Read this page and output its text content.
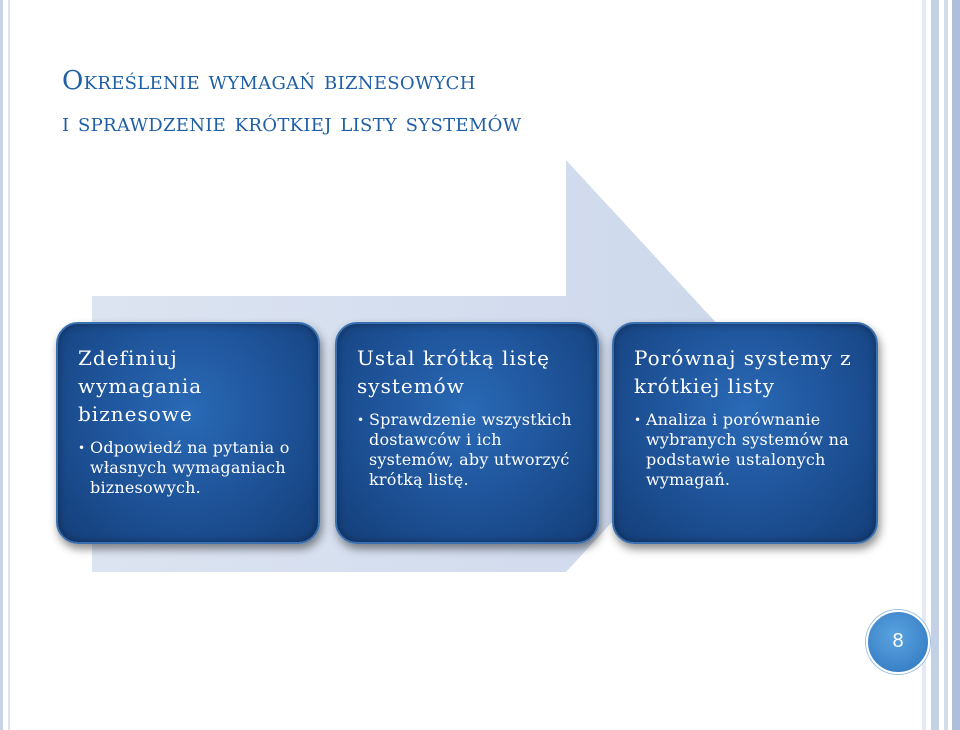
Określenie wymagań biznesowych
i sprawdzenie krótkiej listy systemów
Zdefiniuj wymagania biznesowe
• Odpowiedź na pytania o własnych wymaganiach biznesowych.
Ustal krótką listę systemów
• Sprawdzenie wszystkich dostawców i ich systemów, aby utworzyć krótką listę.
Porównaj systemy z krótkiej listy
• Analiza i porównanie wybranych systemów na podstawie ustalonych wymagań.
8
